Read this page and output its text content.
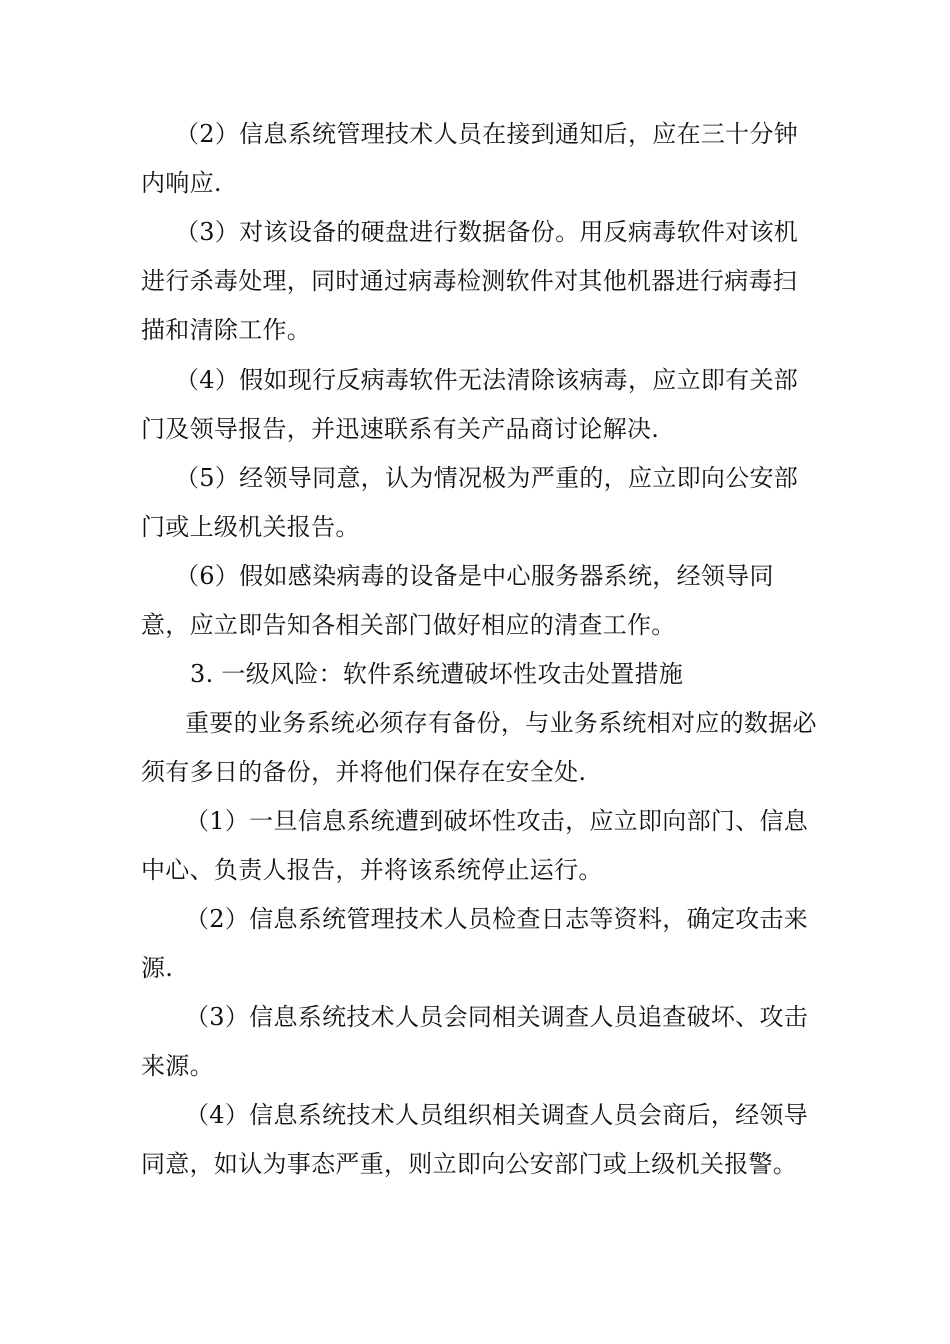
（2）信息系统管理技术人员在接到通知后，应在三十分钟内响应.

（3）对该设备的硬盘进行数据备份。用反病毒软件对该机进行杀毒处理，同时通过病毒检测软件对其他机器进行病毒扫描和清除工作。

（4）假如现行反病毒软件无法清除该病毒，应立即有关部门及领导报告，并迅速联系有关产品商讨论解决.

（5）经领导同意，认为情况极为严重的，应立即向公安部门或上级机关报告。

（6）假如感染病毒的设备是中心服务器系统，经领导同意，应立即告知各相关部门做好相应的清查工作。

3. 一级风险：软件系统遭破坏性攻击处置措施

重要的业务系统必须存有备份，与业务系统相对应的数据必须有多日的备份，并将他们保存在安全处.

（1）一旦信息系统遭到破坏性攻击，应立即向部门、信息中心、负责人报告，并将该系统停止运行。

（2）信息系统管理技术人员检查日志等资料，确定攻击来源.

（3）信息系统技术人员会同相关调查人员追查破坏、攻击来源。

（4）信息系统技术人员组织相关调查人员会商后，经领导同意，如认为事态严重，则立即向公安部门或上级机关报警。
